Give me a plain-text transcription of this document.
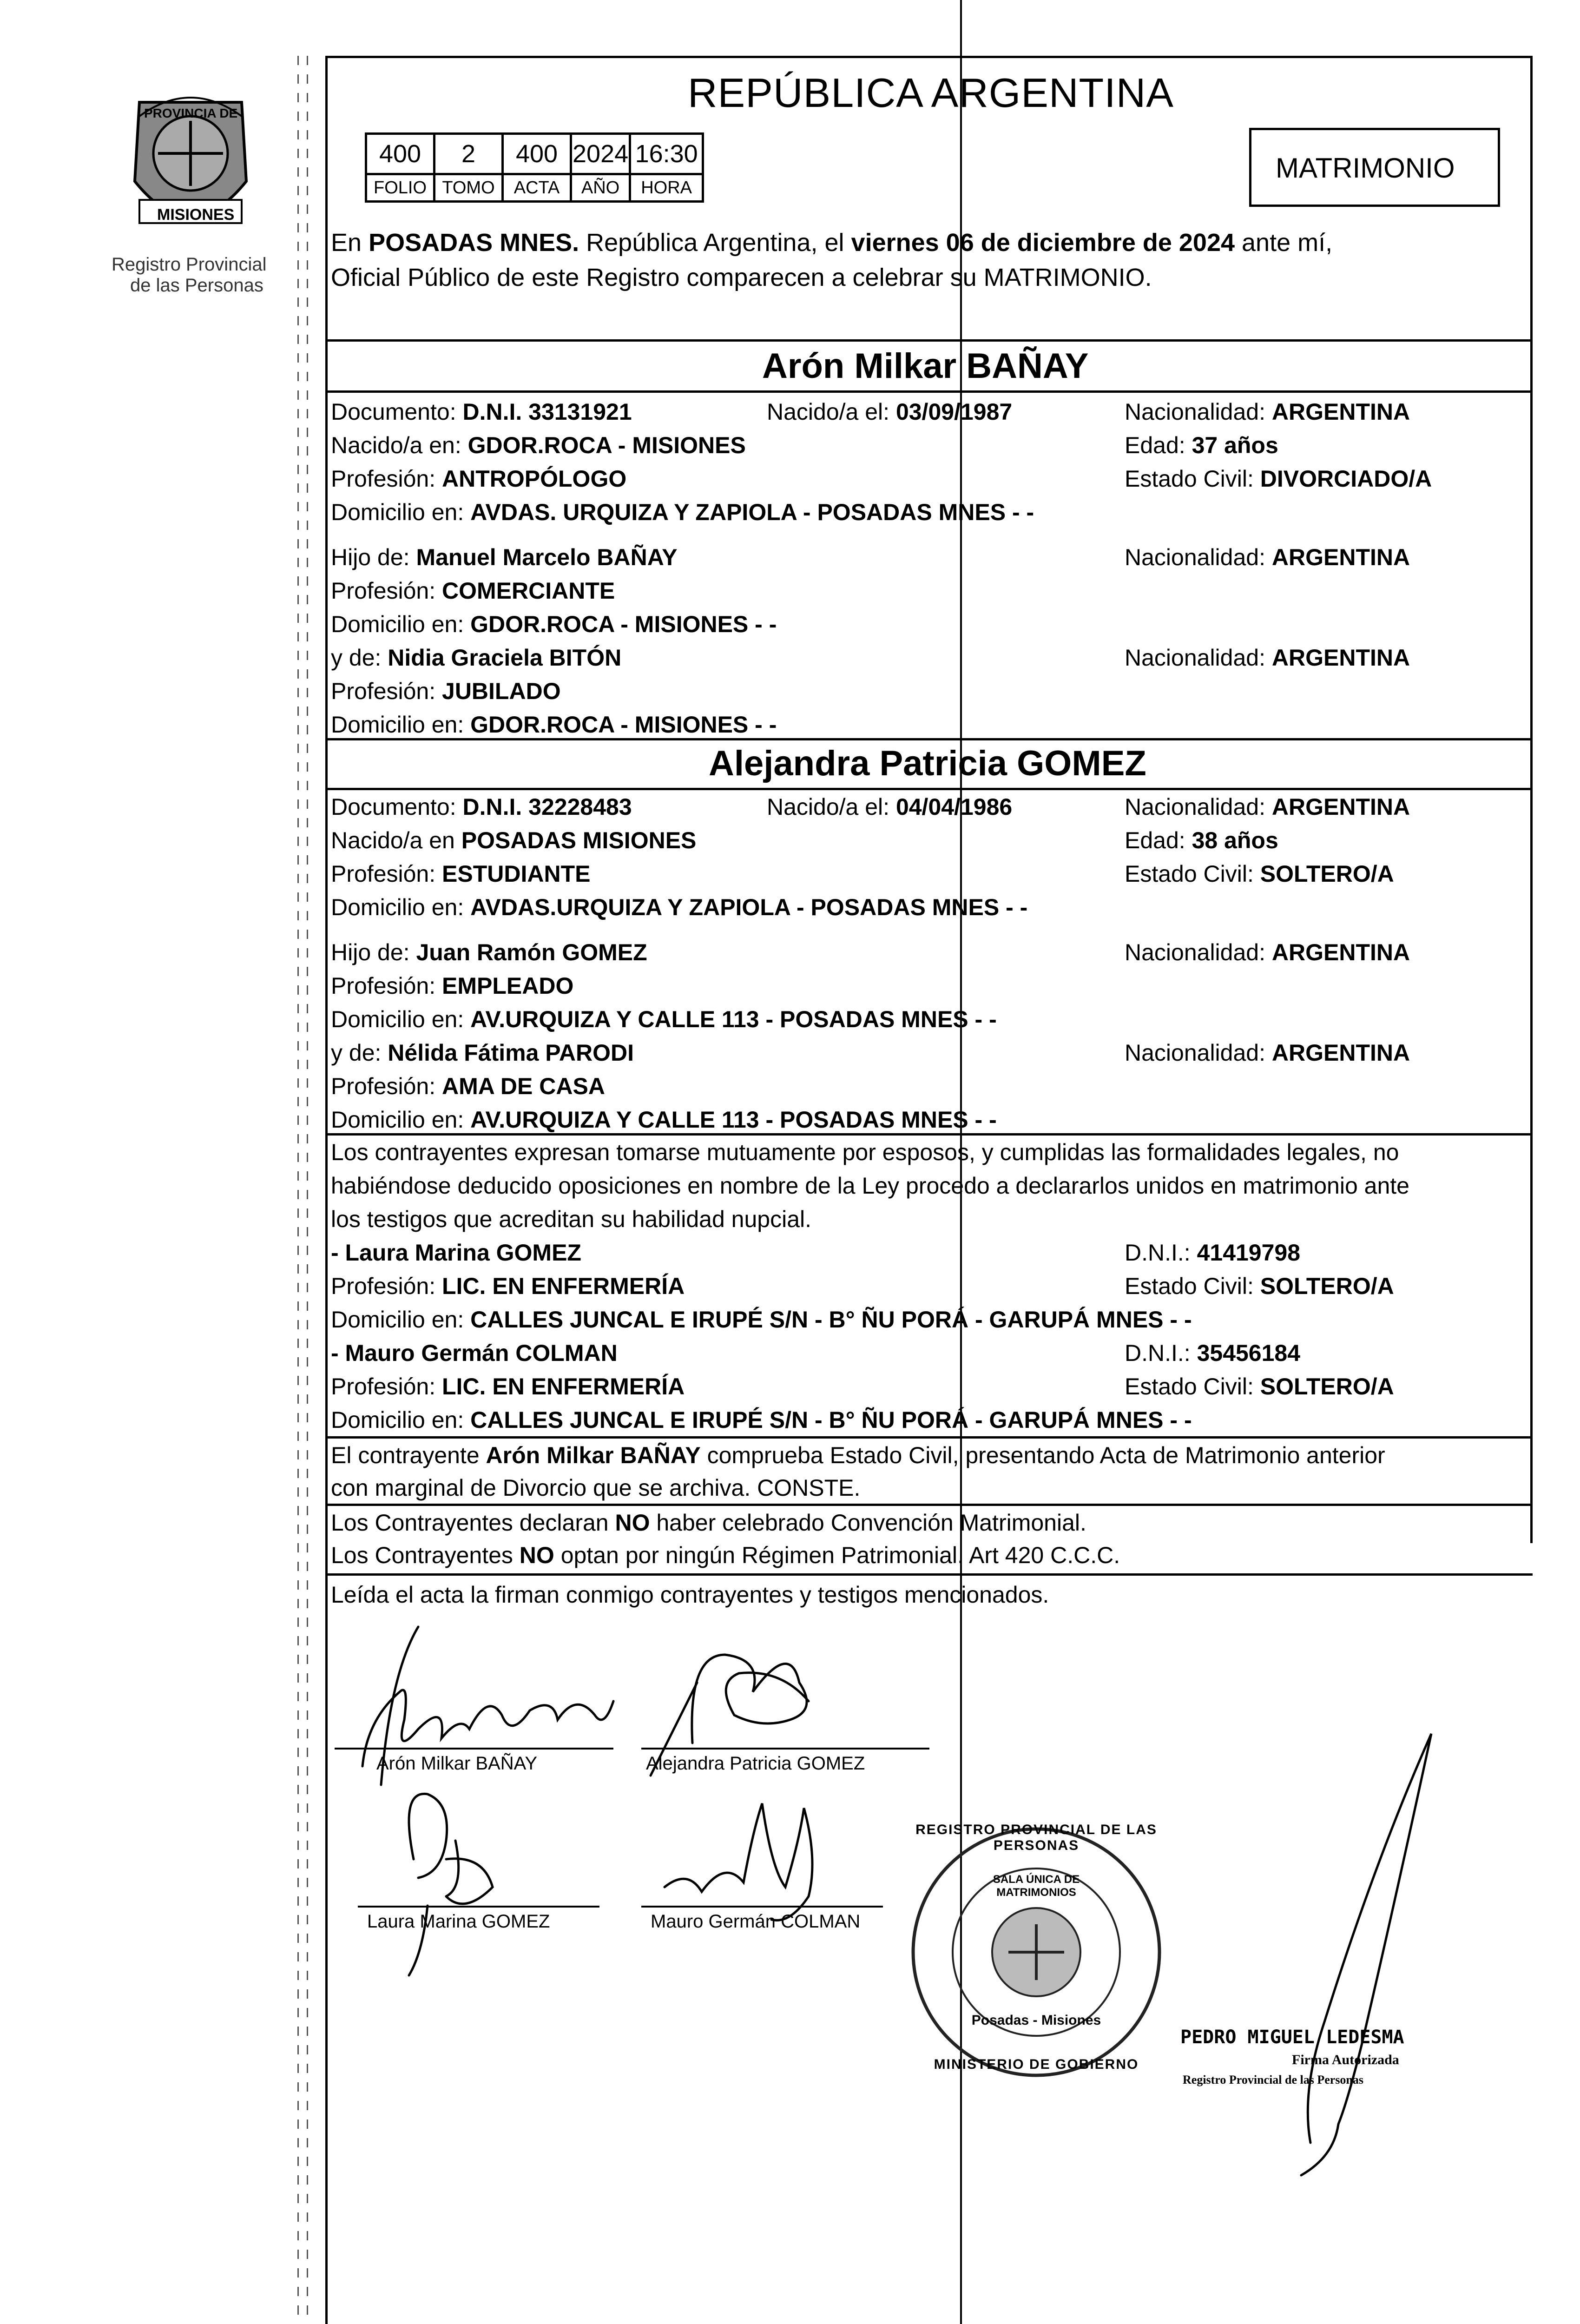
PROVINCIA DE
MISIONES
Registro Provincial
de las Personas
REPÚBLICA ARGENTINA
400	2	400	2024	16:30
FOLIO	TOMO	ACTA	AÑO	HORA
MATRIMONIO
En POSADAS MNES. República Argentina, el viernes 06 de diciembre de 2024 ante mí,
Oficial Público de este Registro comparecen a celebrar su MATRIMONIO.
Arón Milkar BAÑAY
Documento: D.N.I. 33131921	Nacido/a el: 03/09/1987	Nacionalidad: ARGENTINA
Nacido/a en: GDOR.ROCA - MISIONES	Edad: 37 años
Profesión: ANTROPÓLOGO	Estado Civil: DIVORCIADO/A
Domicilio en: AVDAS. URQUIZA Y ZAPIOLA - POSADAS MNES - -
Hijo de: Manuel Marcelo BAÑAY	Nacionalidad: ARGENTINA
Profesión: COMERCIANTE
Domicilio en: GDOR.ROCA - MISIONES - -
y de: Nidia Graciela BITÓN	Nacionalidad: ARGENTINA
Profesión: JUBILADO
Domicilio en: GDOR.ROCA - MISIONES - -
Alejandra Patricia GOMEZ
Documento: D.N.I. 32228483	Nacido/a el: 04/04/1986	Nacionalidad: ARGENTINA
Nacido/a en POSADAS MISIONES	Edad: 38 años
Profesión: ESTUDIANTE	Estado Civil: SOLTERO/A
Domicilio en: AVDAS.URQUIZA Y ZAPIOLA - POSADAS MNES - -
Hijo de: Juan Ramón GOMEZ	Nacionalidad: ARGENTINA
Profesión: EMPLEADO
Domicilio en: AV.URQUIZA Y CALLE 113 - POSADAS MNES - -
y de: Nélida Fátima PARODI	Nacionalidad: ARGENTINA
Profesión: AMA DE CASA
Domicilio en: AV.URQUIZA Y CALLE 113 - POSADAS MNES - -
Los contrayentes expresan tomarse mutuamente por esposos, y cumplidas las formalidades legales, no
habiéndose deducido oposiciones en nombre de la Ley procedo a declararlos unidos en matrimonio ante
los testigos que acreditan su habilidad nupcial.
- Laura Marina GOMEZ	D.N.I.: 41419798
Profesión: LIC. EN ENFERMERÍA	Estado Civil: SOLTERO/A
Domicilio en: CALLES JUNCAL E IRUPÉ S/N - B° ÑU PORÁ - GARUPÁ MNES - -
- Mauro Germán COLMAN	D.N.I.: 35456184
Profesión: LIC. EN ENFERMERÍA	Estado Civil: SOLTERO/A
Domicilio en: CALLES JUNCAL E IRUPÉ S/N - B° ÑU PORÁ - GARUPÁ MNES - -
El contrayente Arón Milkar BAÑAY comprueba Estado Civil, presentando Acta de Matrimonio anterior
con marginal de Divorcio que se archiva. CONSTE.
Los Contrayentes declaran NO haber celebrado Convención Matrimonial.
Los Contrayentes NO optan por ningún Régimen Patrimonial. Art 420 C.C.C.
Leída el acta la firman conmigo contrayentes y testigos mencionados.
Arón Milkar BAÑAY	Alejandra Patricia GOMEZ
Laura Marina GOMEZ	Mauro Germán COLMAN
REGISTRO PROVINCIAL DE LAS PERSONAS
SALA ÚNICA DE MATRIMONIOS
Posadas - Misiones
MINISTERIO DE GOBIERNO
PEDRO MIGUEL LEDESMA
Firma Autorizada
Registro Provincial de las Personas
